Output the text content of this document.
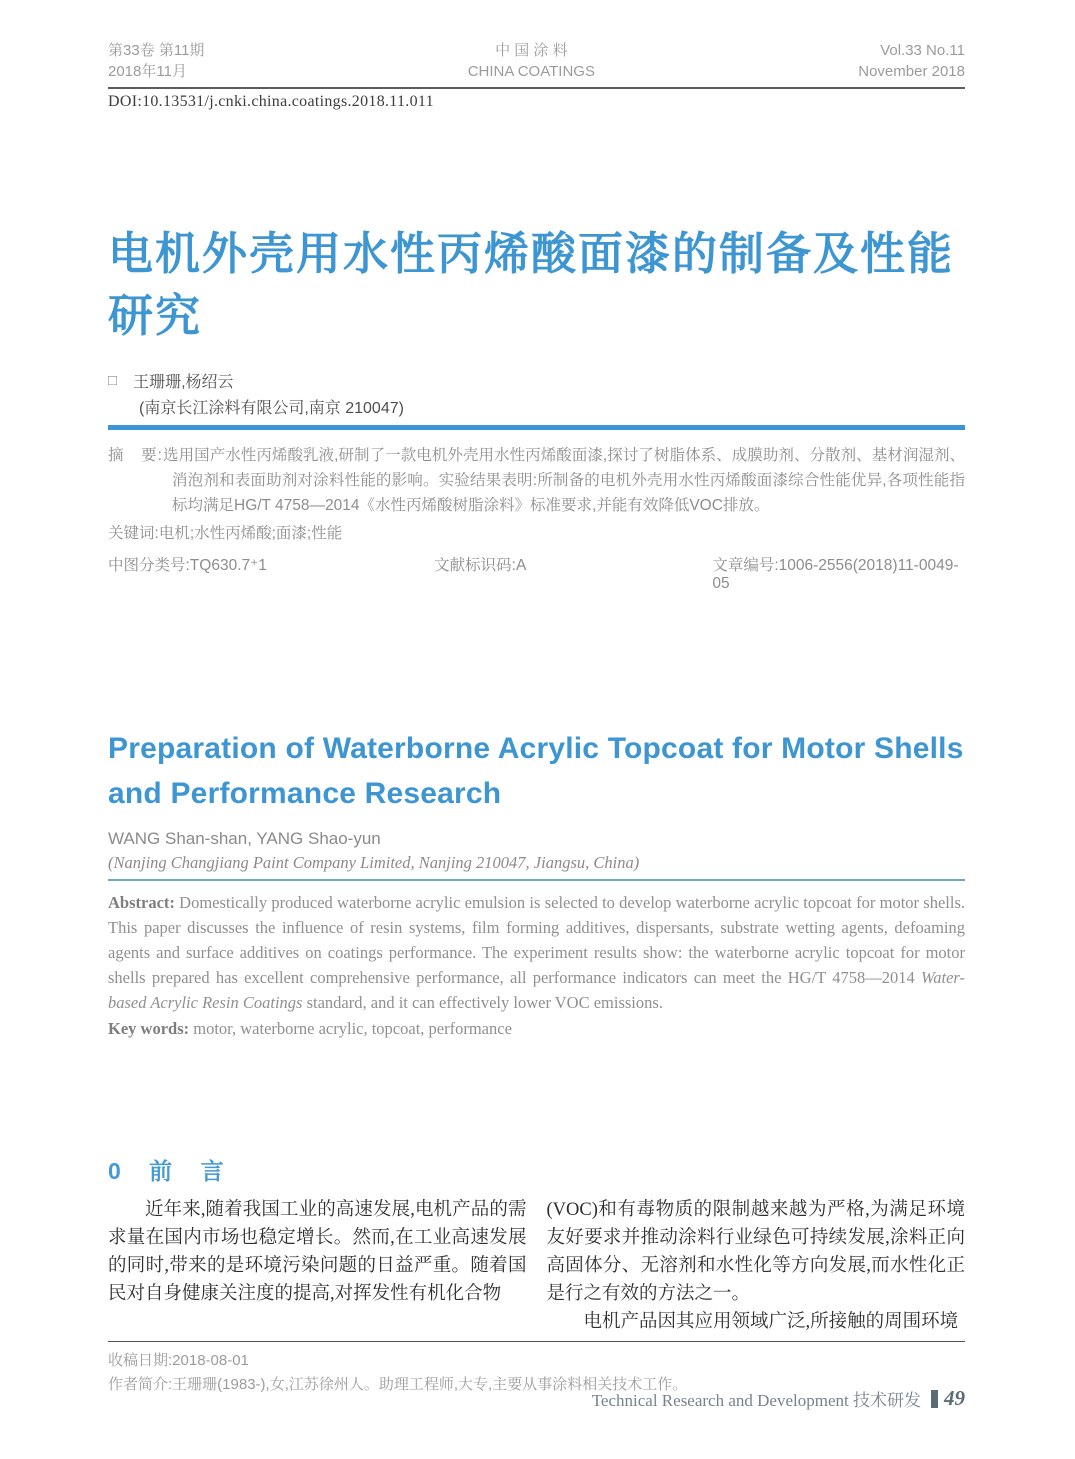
第33卷 第11期
2018年11月
中 国 涂 料
CHINA COATINGS
Vol.33 No.11
November 2018
DOI:10.13531/j.cnki.china.coatings.2018.11.011
电机外壳用水性丙烯酸面漆的制备及性能研究
□ 王珊珊,杨绍云
(南京长江涂料有限公司,南京 210047)
摘　要:选用国产水性丙烯酸乳液,研制了一款电机外壳用水性丙烯酸面漆,探讨了树脂体系、成膜助剂、分散剂、基材润湿剂、消泡剂和表面助剂对涂料性能的影响。实验结果表明:所制备的电机外壳用水性丙烯酸面漆综合性能优异,各项性能指标均满足HG/T 4758—2014《水性丙烯酸树脂涂料》标准要求,并能有效降低VOC排放。
关键词:电机;水性丙烯酸;面漆;性能
中图分类号:TQ630.7⁺1	文献标识码:A	文章编号:1006-2556(2018)11-0049-05
Preparation of Waterborne Acrylic Topcoat for Motor Shells and Performance Research
WANG Shan-shan, YANG Shao-yun
(Nanjing Changjiang Paint Company Limited, Nanjing 210047, Jiangsu, China)
Abstract: Domestically produced waterborne acrylic emulsion is selected to develop waterborne acrylic topcoat for motor shells. This paper discusses the influence of resin systems, film forming additives, dispersants, substrate wetting agents, defoaming agents and surface additives on coatings performance. The experiment results show: the waterborne acrylic topcoat for motor shells prepared has excellent comprehensive performance, all performance indicators can meet the HG/T 4758—2014 Water-based Acrylic Resin Coatings standard, and it can effectively lower VOC emissions.
Key words: motor, waterborne acrylic, topcoat, performance
0 前 言

近年来,随着我国工业的高速发展,电机产品的需求量在国内市场也稳定增长。然而,在工业高速发展的同时,带来的是环境污染问题的日益严重。随着国民对自身健康关注度的提高,对挥发性有机化合物

(VOC)和有毒物质的限制越来越为严格,为满足环境友好要求并推动涂料行业绿色可持续发展,涂料正向高固体分、无溶剂和水性化等方向发展,而水性化正是行之有效的方法之一。

电机产品因其应用领域广泛,所接触的周围环境

收稿日期:2018-08-01
作者简介:王珊珊(1983-),女,江苏徐州人。助理工程师,大专,主要从事涂料相关技术工作。
Technical Research and Development 技术研发 49
